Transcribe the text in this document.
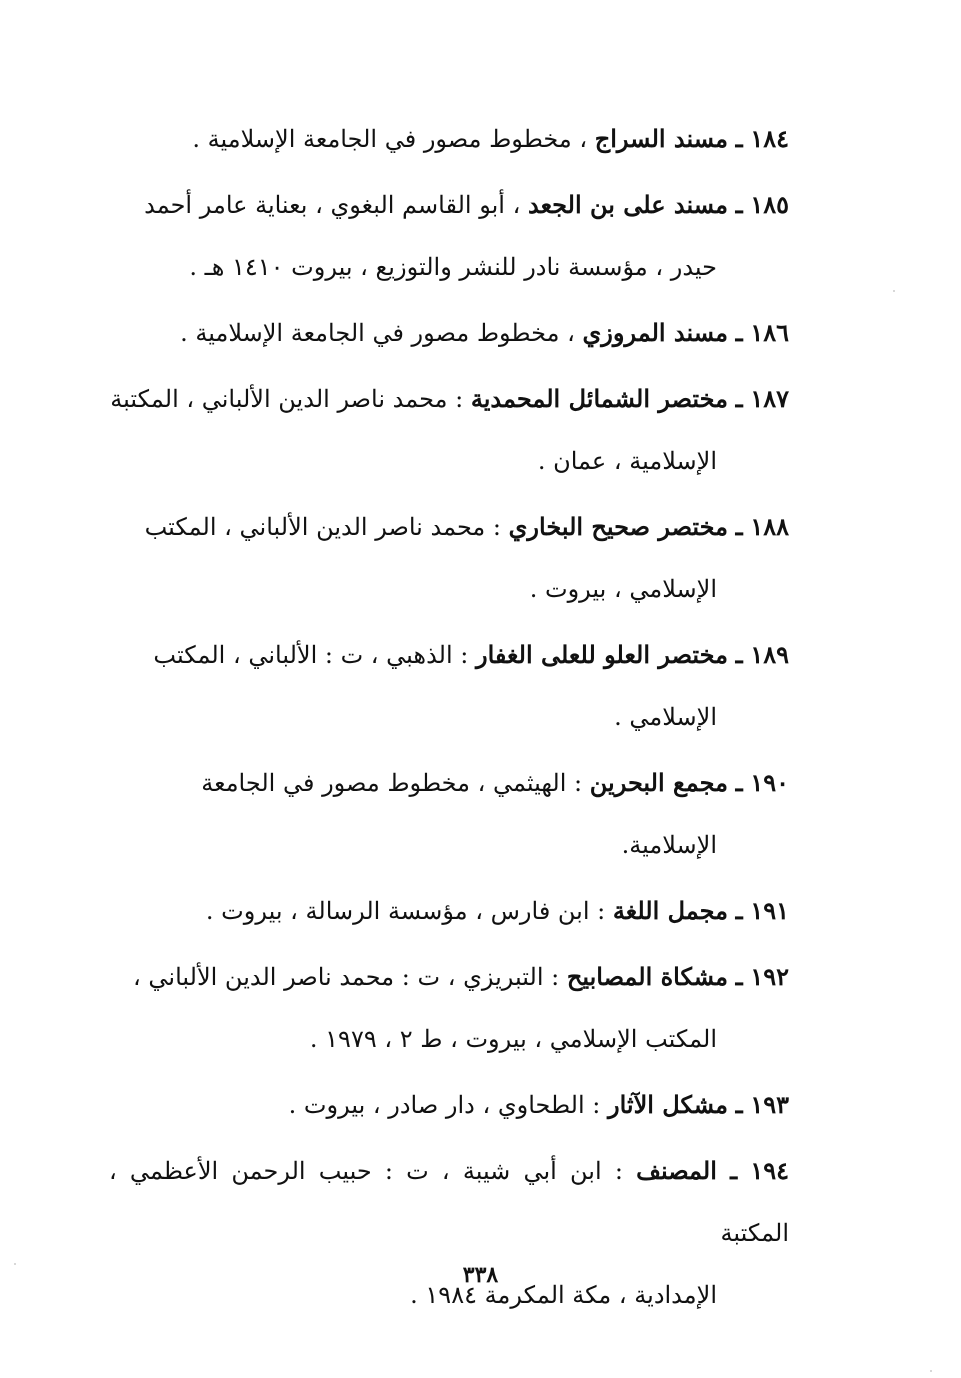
١٨٤ ـ مسند السراج ، مخطوط مصور في الجامعة الإسلامية .
١٨٥ ـ مسند على بن الجعد ، أبو القاسم البغوي ، بعناية عامر أحمد
حيدر ، مؤسسة نادر للنشر والتوزيع ، بيروت ١٤١٠ هـ .
١٨٦ ـ مسند المروزي ، مخطوط مصور في الجامعة الإسلامية .
١٨٧ ـ مختصر الشمائل المحمدية : محمد ناصر الدين الألباني ، المكتبة
الإسلامية ، عمان .
١٨٨ ـ مختصر صحيح البخاري : محمد ناصر الدين الألباني ، المكتب
الإسلامي ، بيروت .
١٨٩ ـ مختصر العلو للعلى الغفار : الذهبي ، ت : الألباني ، المكتب
الإسلامي .
١٩٠ ـ مجمع البحرين : الهيثمي ، مخطوط مصور في الجامعة
الإسلامية.
١٩١ ـ مجمل اللغة : ابن فارس ، مؤسسة الرسالة ، بيروت .
١٩٢ ـ مشكاة المصابيح : التبريزي ، ت : محمد ناصر الدين الألباني ،
المكتب الإسلامي ، بيروت ، ط ٢ ، ١٩٧٩ .
١٩٣ ـ مشكل الآثار : الطحاوي ، دار صادر ، بيروت .
١٩٤ ـ المصنف : ابن أبي شيبة ، ت : حبيب الرحمن الأعظمي ، المكتبة
الإمدادية ، مكة المكرمة ١٩٨٤ .
٣٣٨
